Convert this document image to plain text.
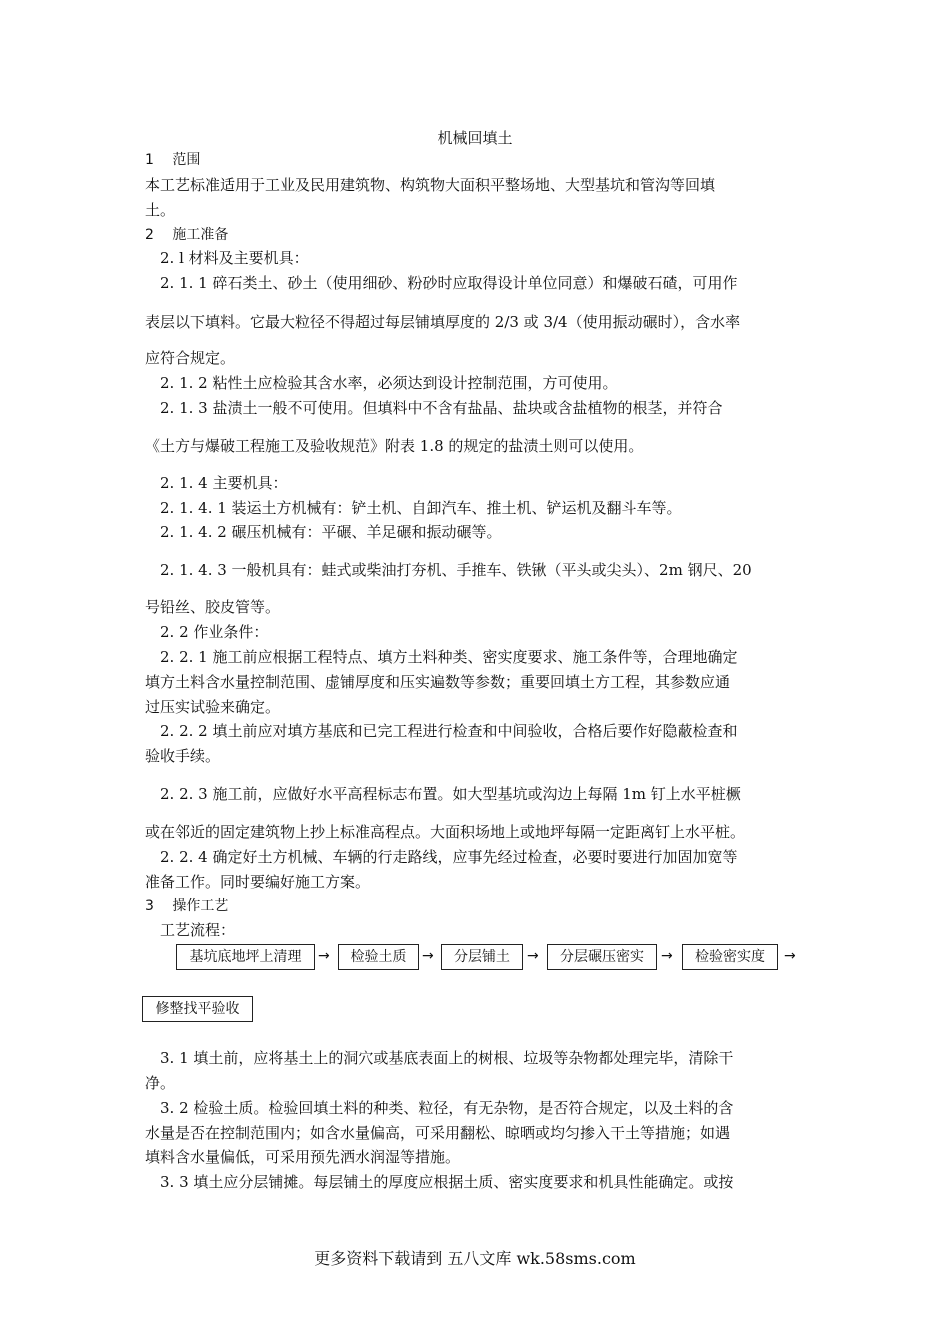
机械回填土
1　 范围
本工艺标准适用于工业及民用建筑物、构筑物大面积平整场地、大型基坑和管沟等回填
土。
2　 施工准备
2. l 材料及主要机具：
2. 1. 1 碎石类土、砂土（使用细砂、粉砂时应取得设计单位同意）和爆破石碴，可用作
表层以下填料。它最大粒径不得超过每层铺填厚度的 2/3 或 3/4（使用振动碾时），含水率
应符合规定。
2. 1. 2 粘性土应检验其含水率，必须达到设计控制范围，方可使用。
2. 1. 3 盐渍土一般不可使用。但填料中不含有盐晶、盐块或含盐植物的根茎，并符合
《土方与爆破工程施工及验收规范》附表 1.8 的规定的盐渍土则可以使用。
2. 1. 4 主要机具：
2. 1. 4. 1 装运土方机械有：铲土机、自卸汽车、推土机、铲运机及翻斗车等。
2. 1. 4. 2 碾压机械有：平碾、羊足碾和振动碾等。
2. 1. 4. 3 一般机具有：蛙式或柴油打夯机、手推车、铁锹（平头或尖头）、2m 钢尺、20
号铅丝、胶皮管等。
2. 2 作业条件：
2. 2. 1 施工前应根据工程特点、填方土料种类、密实度要求、施工条件等，合理地确定
填方土料含水量控制范围、虚铺厚度和压实遍数等参数；重要回填土方工程，其参数应通
过压实试验来确定。
2. 2. 2 填土前应对填方基底和已完工程进行检查和中间验收，合格后要作好隐蔽检查和
验收手续。
2. 2. 3 施工前，应做好水平高程标志布置。如大型基坑或沟边上每隔 1m 钉上水平桩橛
或在邻近的固定建筑物上抄上标准高程点。大面积场地上或地坪每隔一定距离钉上水平桩。
2. 2. 4 确定好土方机械、车辆的行走路线，应事先经过检查，必要时要进行加固加宽等
准备工作。同时要编好施工方案。
3　 操作工艺
工艺流程：
基坑底地坪上清理	→	检验土质	→	分层铺土	→	分层碾压密实	→	检验密实度	→
修整找平验收
3. 1 填土前，应将基土上的洞穴或基底表面上的树根、垃圾等杂物都处理完毕，清除干
净。
3. 2 检验土质。检验回填土料的种类、粒径，有无杂物，是否符合规定，以及土料的含
水量是否在控制范围内；如含水量偏高，可采用翻松、晾晒或均匀掺入干土等措施；如遇
填料含水量偏低，可采用预先洒水润湿等措施。
3. 3 填土应分层铺摊。每层铺土的厚度应根据土质、密实度要求和机具性能确定。或按
更多资料下载请到 五八文库 wk.58sms.com
